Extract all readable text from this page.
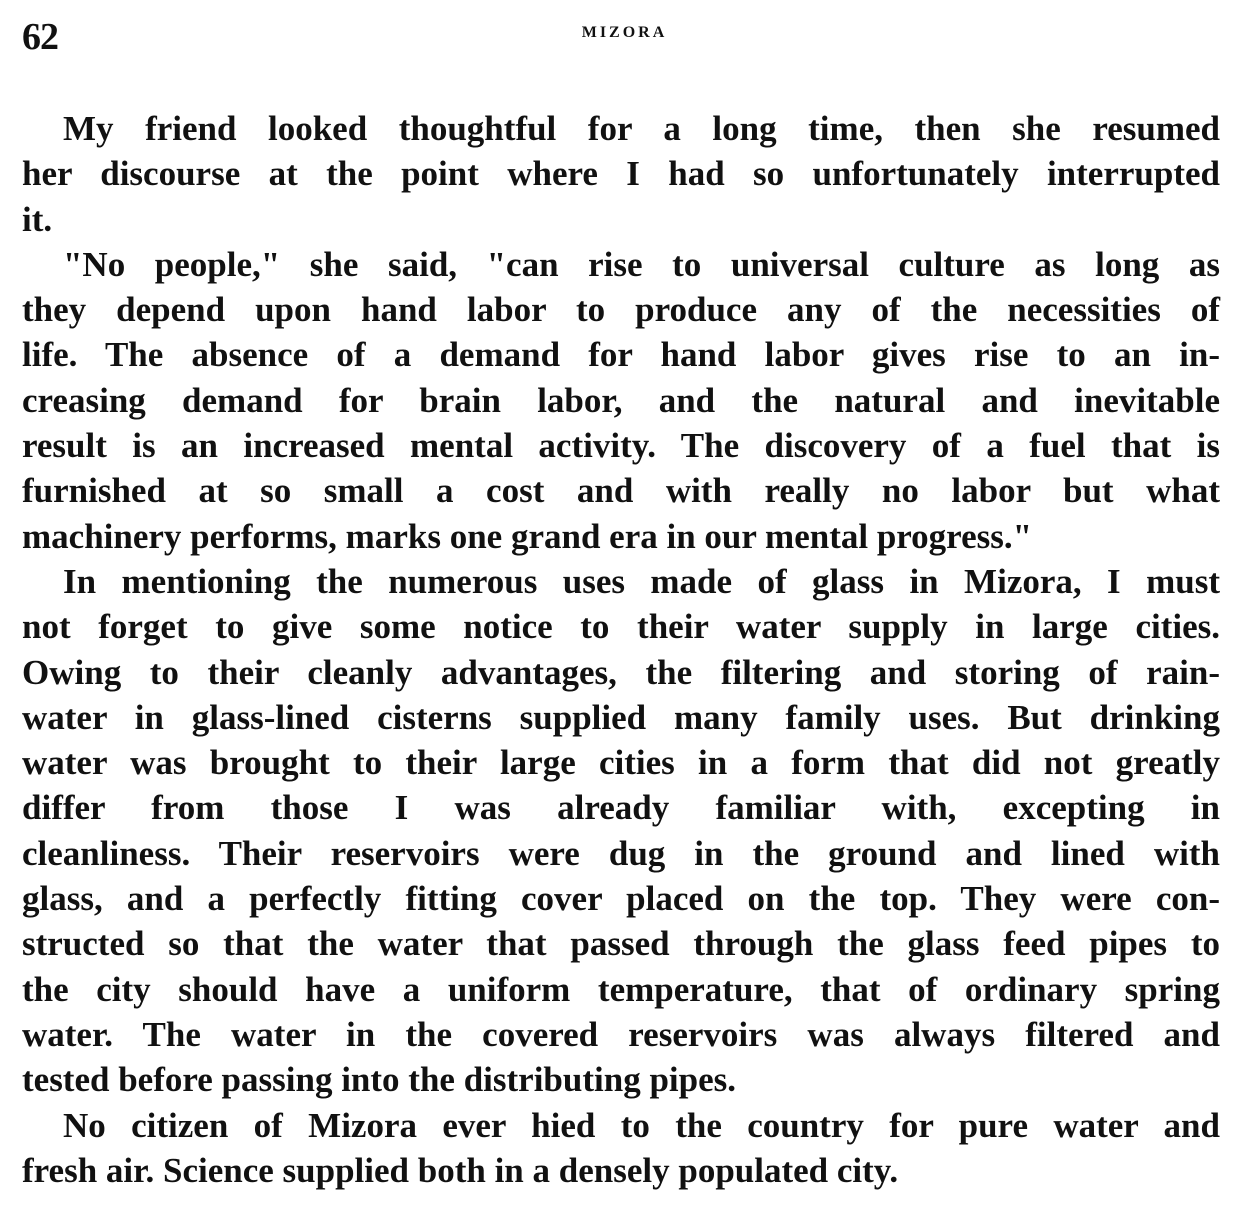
62	MIZORA

My friend looked thoughtful for a long time, then she resumed
her discourse at the point where I had so unfortunately interrupted
it.

"No people," she said, "can rise to universal culture as long as
they depend upon hand labor to produce any of the necessities of
life. The absence of a demand for hand labor gives rise to an in-
creasing demand for brain labor, and the natural and inevitable
result is an increased mental activity. The discovery of a fuel that is
furnished at so small a cost and with really no labor but what
machinery performs, marks one grand era in our mental progress."

In mentioning the numerous uses made of glass in Mizora, I must
not forget to give some notice to their water supply in large cities.
Owing to their cleanly advantages, the filtering and storing of rain-
water in glass-lined cisterns supplied many family uses. But drinking
water was brought to their large cities in a form that did not greatly
differ from those I was already familiar with, excepting in
cleanliness. Their reservoirs were dug in the ground and lined with
glass, and a perfectly fitting cover placed on the top. They were con-
structed so that the water that passed through the glass feed pipes to
the city should have a uniform temperature, that of ordinary spring
water. The water in the covered reservoirs was always filtered and
tested before passing into the distributing pipes.

No citizen of Mizora ever hied to the country for pure water and
fresh air. Science supplied both in a densely populated city.
